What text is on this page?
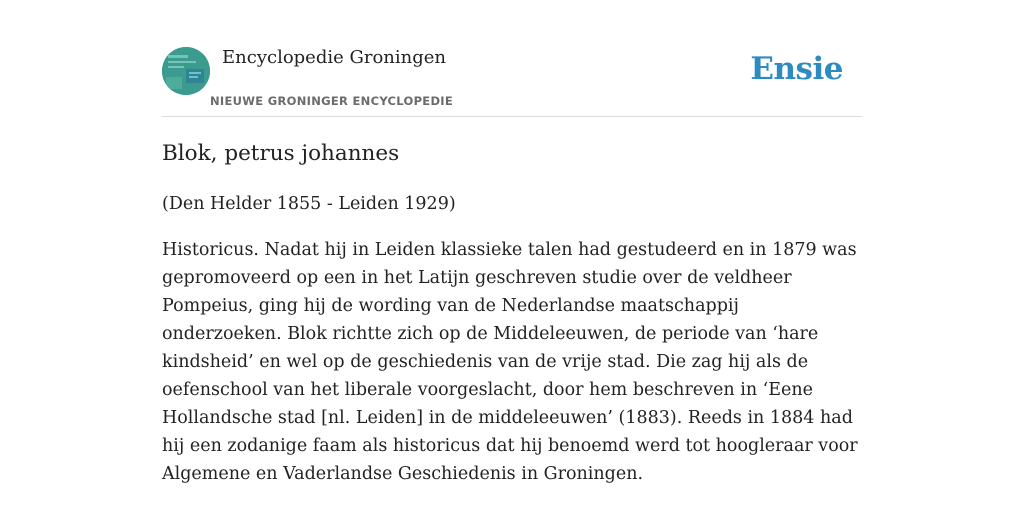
Encyclopedie Groningen
NIEUWE GRONINGER ENCYCLOPEDIE
Ensie
Blok, petrus johannes

(Den Helder 1855 - Leiden 1929)

Historicus. Nadat hij in Leiden klassieke talen had gestudeerd en in 1879 was gepromoveerd op een in het Latijn geschreven studie over de veldheer Pompeius, ging hij de wording van de Nederlandse maatschappij onderzoeken. Blok richtte zich op de Middeleeuwen, de periode van ‘hare kindsheid’ en wel op de geschiedenis van de vrije stad. Die zag hij als de oefenschool van het liberale voorgeslacht, door hem beschreven in ‘Eene Hollandsche stad [nl. Leiden] in de middeleeuwen’ (1883). Reeds in 1884 had hij een zodanige faam als historicus dat hij benoemd werd tot hoogleraar voor Algemene en Vaderlandse Geschiedenis in Groningen.
